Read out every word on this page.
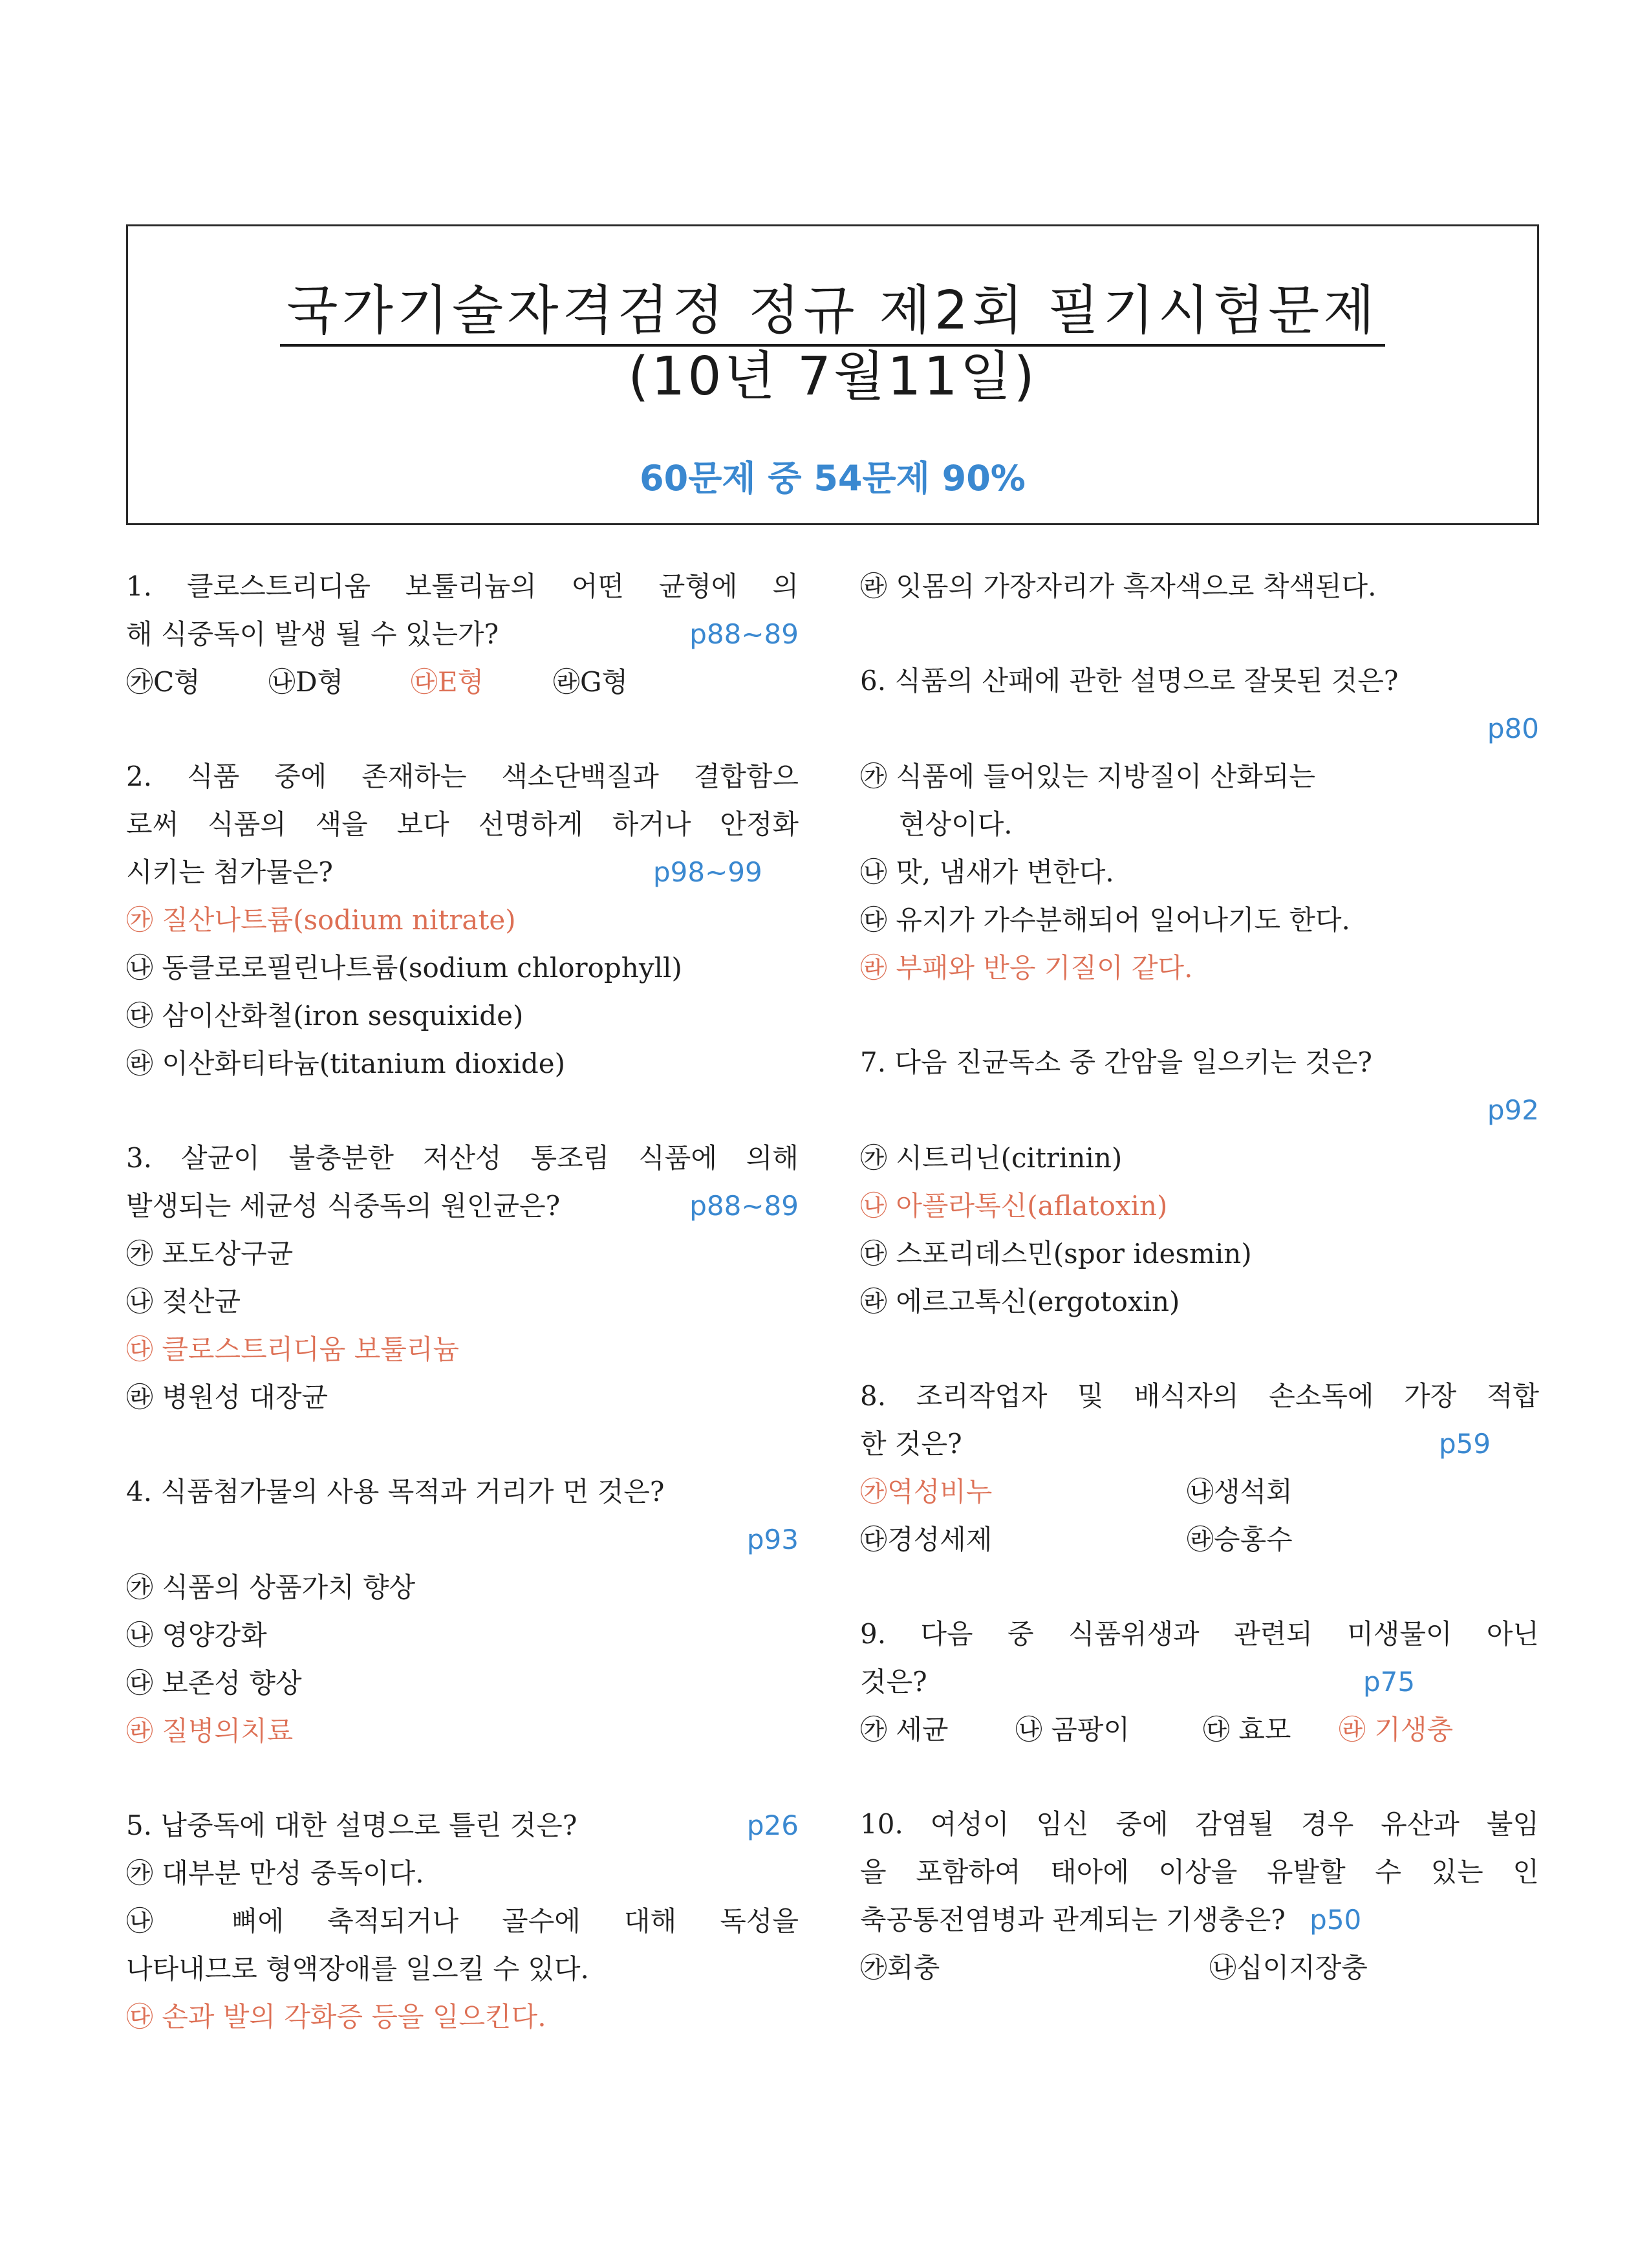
국가기술자격검정 정규 제2회 필기시험문제
(10년 7월11일)
60문제 중 54문제 90%
1. 클로스트리디움 보툴리늄의 어떤 균형에 의
해 식중독이 발생 될 수 있는가?	p88~89
㉮C형	㉯D형 ㉰E형	㉱G형
2. 식품 중에 존재하는 색소단백질과 결합함으
로써 식품의 색을 보다 선명하게 하거나 안정화
시키는 첨가물은?	p98~99
㉮ 질산나트륨(sodium nitrate)
㉯ 동클로로필린나트륨(sodium chlorophyll)
㉰ 삼이산화철(iron sesquixide)
㉱ 이산화티타늄(titanium dioxide)
3. 살균이 불충분한 저산성 통조림 식품에 의해
발생되는 세균성 식중독의 원인균은?	p88~89
㉮ 포도상구균
㉯ 젖산균
㉰ 클로스트리디움 보툴리늄
㉱ 병원성 대장균
4. 식품첨가물의 사용 목적과 거리가 먼 것은?
p93
㉮ 식품의 상품가치 향상
㉯ 영양강화
㉰ 보존성 향상
㉱ 질병의치료
5. 납중독에 대한 설명으로 틀린 것은?	p26
㉮ 대부분 만성 중독이다.
㉯ 뼈에 축적되거나 골수에 대해 독성을
나타내므로 형액장애를 일으킬 수 있다.
㉰ 손과 발의 각화증 등을 일으킨다.
㉱ 잇몸의 가장자리가 흑자색으로 착색된다.
6. 식품의 산패에 관한 설명으로 잘못된 것은?
p80
㉮ 식품에 들어있는 지방질이 산화되는
현상이다.
㉯ 맛, 냄새가 변한다.
㉰ 유지가 가수분해되어 일어나기도 한다.
㉱ 부패와 반응 기질이 같다.
7. 다음 진균독소 중 간암을 일으키는 것은?
p92
㉮ 시트리닌(citrinin)
㉯ 아플라톡신(aflatoxin)
㉰ 스포리데스민(spor idesmin)
㉱ 에르고톡신(ergotoxin)
8. 조리작업자 및 배식자의 손소독에 가장 적합
한 것은?	p59
㉮역성비누	㉯생석회
㉰경성세제	㉱승홍수
9. 다음 중 식품위생과 관련되 미생물이 아닌
것은?	p75
㉮ 세균 ㉯ 곰팡이	㉰ 효모 ㉱ 기생충
10. 여성이 임신 중에 감염될 경우 유산과 불임
을 포함하여 태아에 이상을 유발할 수 있는 인
축공통전염병과 관계되는 기생충은? p50
㉮회충	㉯십이지장충
